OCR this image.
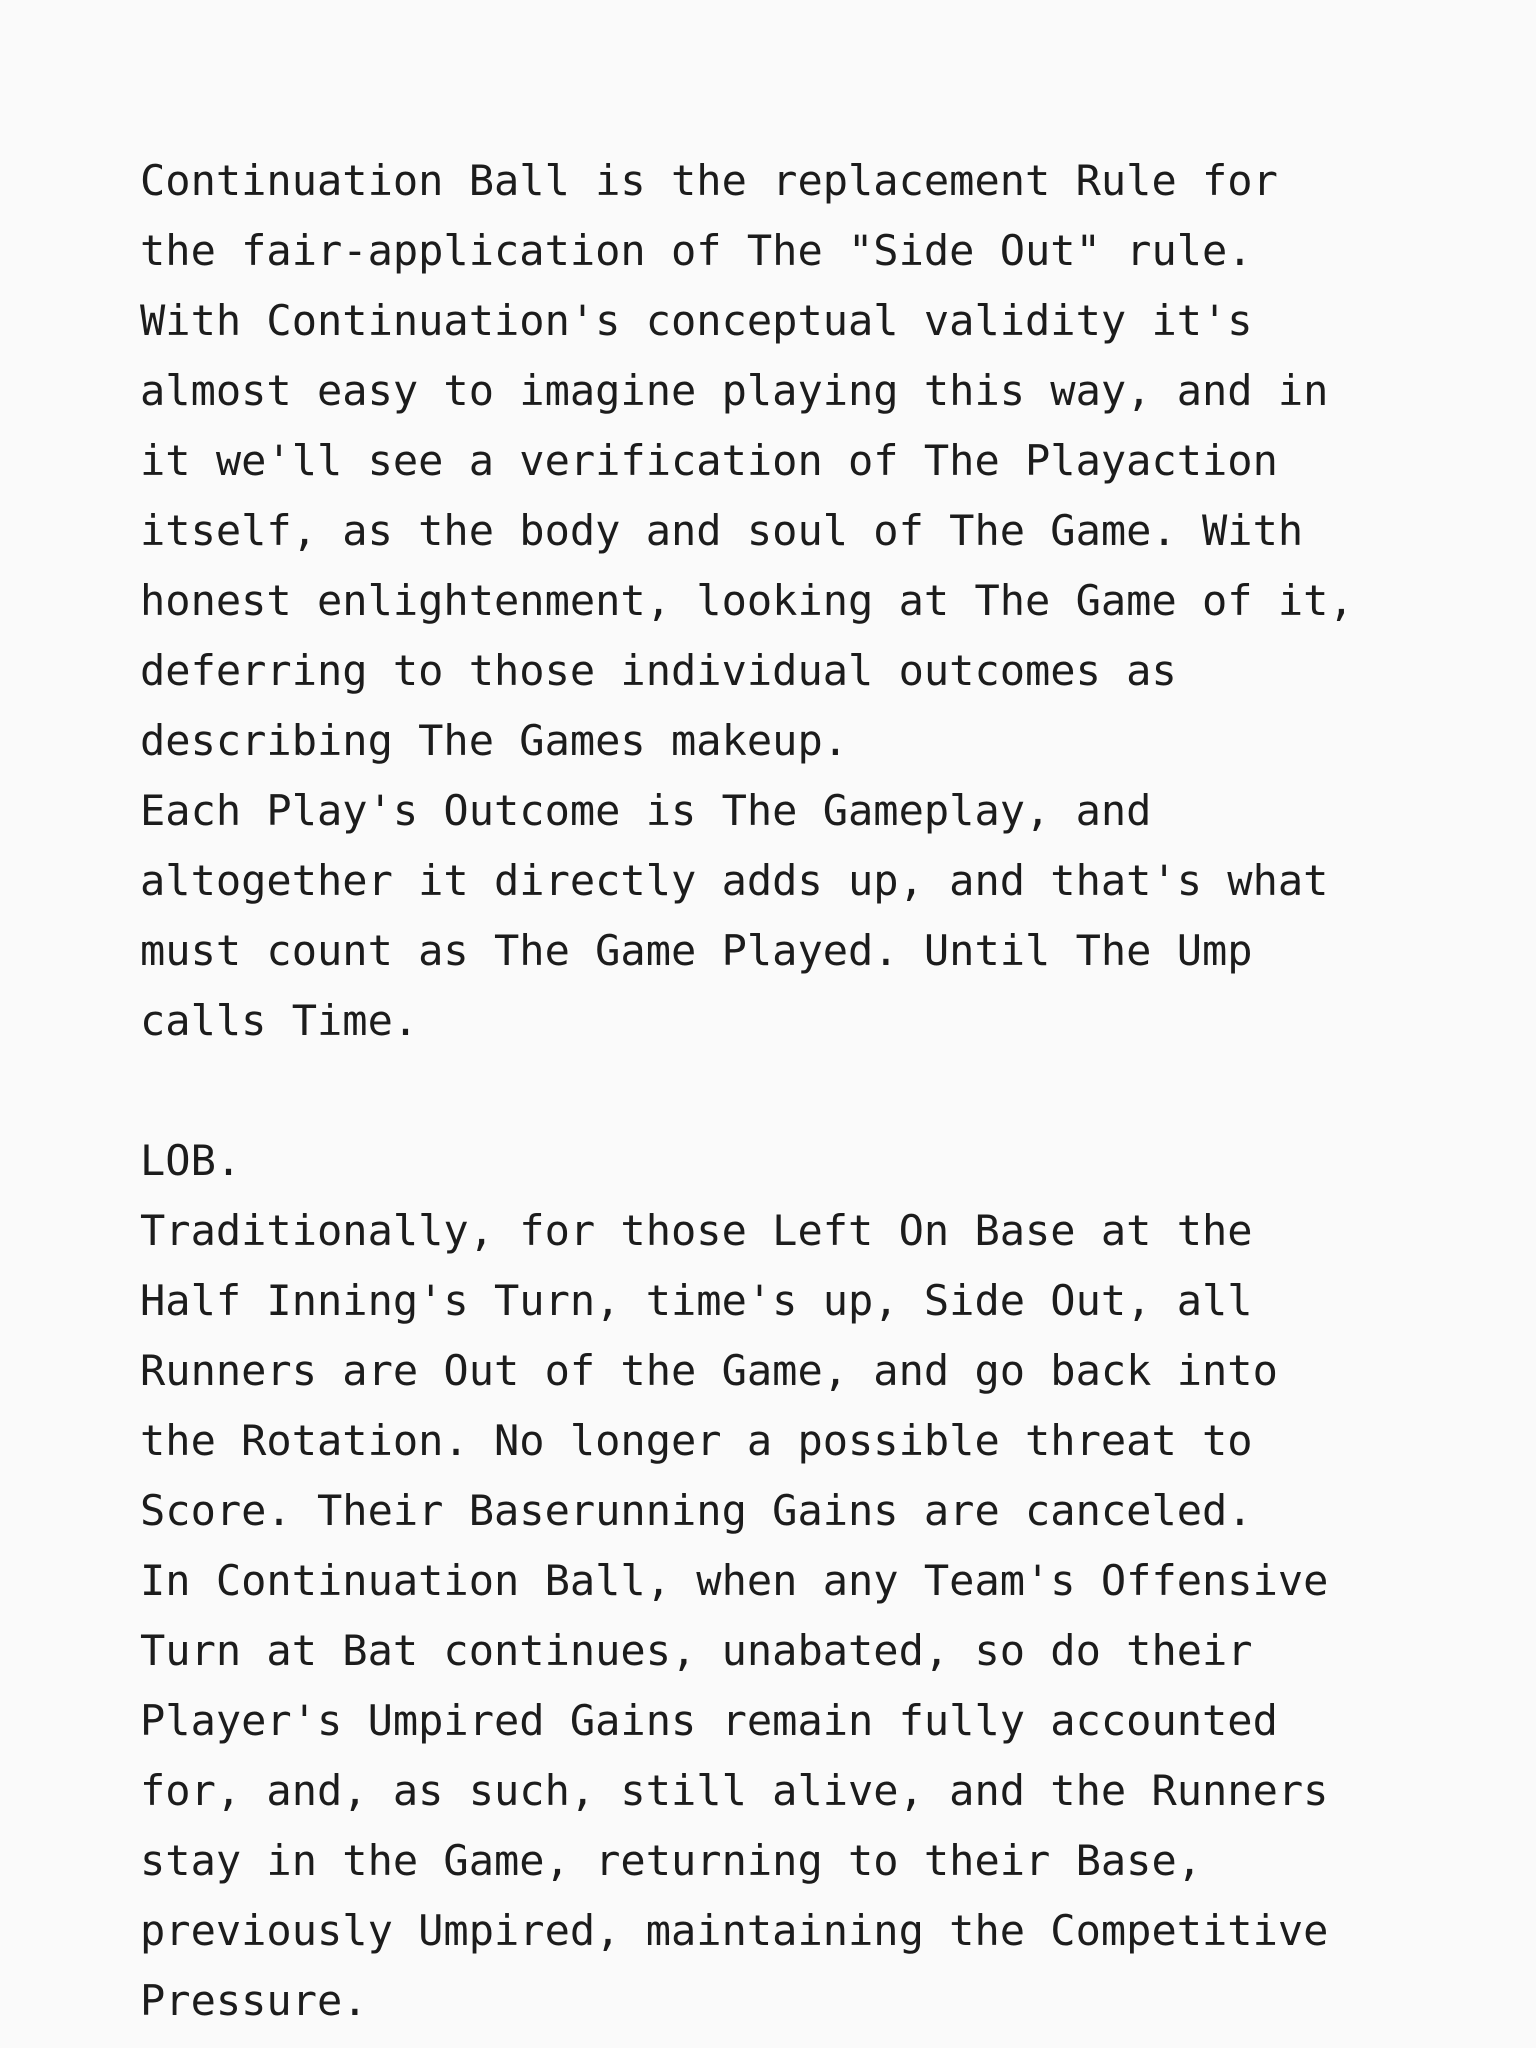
Continuation Ball is the replacement Rule for
the fair-application of The "Side Out" rule.
With Continuation's conceptual validity it's
almost easy to imagine playing this way, and in
it we'll see a verification of The Playaction
itself, as the body and soul of The Game. With
honest enlightenment, looking at The Game of it,
deferring to those individual outcomes as
describing The Games makeup.
Each Play's Outcome is The Gameplay, and
altogether it directly adds up, and that's what
must count as The Game Played. Until The Ump
calls Time.
LOB.
Traditionally, for those Left On Base at the
Half Inning's Turn, time's up, Side Out, all
Runners are Out of the Game, and go back into
the Rotation. No longer a possible threat to
Score. Their Baserunning Gains are canceled.
In Continuation Ball, when any Team's Offensive
Turn at Bat continues, unabated, so do their
Player's Umpired Gains remain fully accounted
for, and, as such, still alive, and the Runners
stay in the Game, returning to their Base,
previously Umpired, maintaining the Competitive
Pressure.
